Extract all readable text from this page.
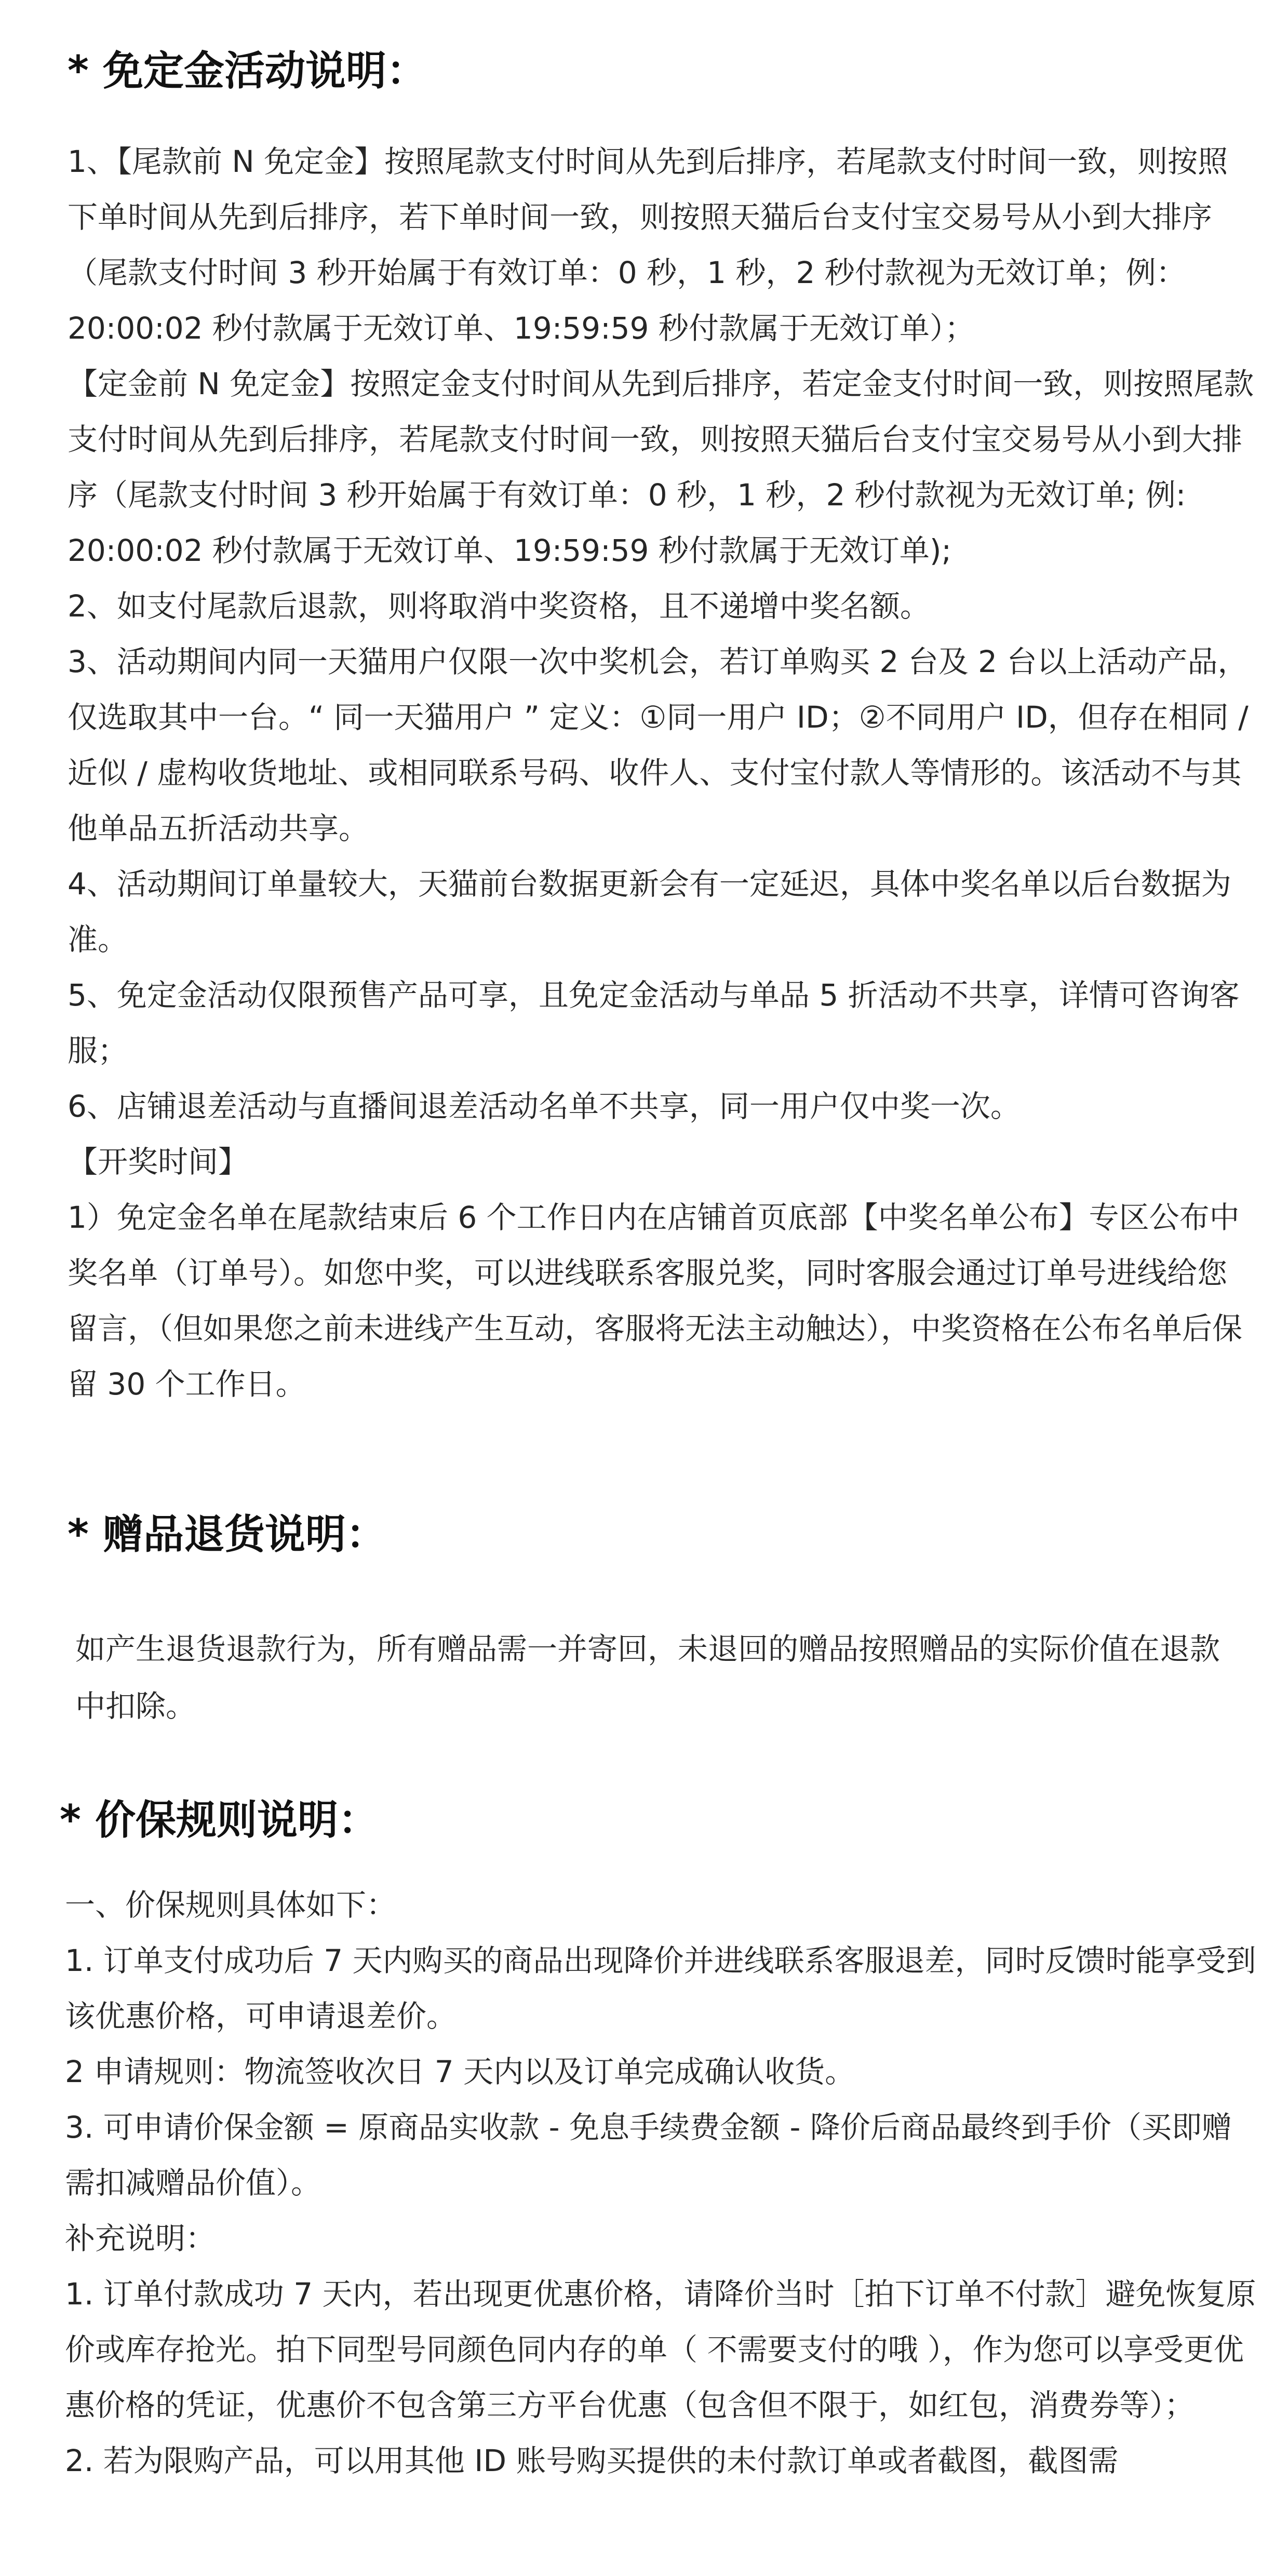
* 免定金活动说明：

1、【尾款前 N 免定金】按照尾款支付时间从先到后排序，若尾款支付时间一致，则按照下单时间从先到后排序，若下单时间一致，则按照天猫后台支付宝交易号从小到大排序（尾款支付时间 3 秒开始属于有效订单：0 秒，1 秒，2 秒付款视为无效订单；例：20:00:02 秒付款属于无效订单、19:59:59 秒付款属于无效订单）；

【定金前 N 免定金】按照定金支付时间从先到后排序，若定金支付时间一致，则按照尾款支付时间从先到后排序，若尾款支付时间一致，则按照天猫后台支付宝交易号从小到大排序（尾款支付时间 3 秒开始属于有效订单：0 秒，1 秒，2 秒付款视为无效订单; 例: 20:00:02 秒付款属于无效订单、19:59:59 秒付款属于无效订单);

2、如支付尾款后退款，则将取消中奖资格，且不递增中奖名额。

3、活动期间内同一天猫用户仅限一次中奖机会，若订单购买 2 台及 2 台以上活动产品，仅选取其中一台。“ 同一天猫用户 ” 定义：①同一用户 ID；②不同用户 ID，但存在相同 / 近似 / 虚构收货地址、或相同联系号码、收件人、支付宝付款人等情形的。该活动不与其他单品五折活动共享。

4、活动期间订单量较大，天猫前台数据更新会有一定延迟，具体中奖名单以后台数据为准。

5、免定金活动仅限预售产品可享，且免定金活动与单品 5 折活动不共享，详情可咨询客服；

6、店铺退差活动与直播间退差活动名单不共享，同一用户仅中奖一次。

【开奖时间】

1）免定金名单在尾款结束后 6 个工作日内在店铺首页底部【中奖名单公布】专区公布中奖名单（订单号）。如您中奖，可以进线联系客服兑奖，同时客服会通过订单号进线给您留言，（但如果您之前未进线产生互动，客服将无法主动触达），中奖资格在公布名单后保留 30 个工作日。

* 赠品退货说明：

如产生退货退款行为，所有赠品需一并寄回，未退回的赠品按照赠品的实际价值在退款中扣除。

* 价保规则说明：

一、价保规则具体如下：

1. 订单支付成功后 7 天内购买的商品出现降价并进线联系客服退差，同时反馈时能享受到该优惠价格，可申请退差价。

2 申请规则：物流签收次日 7 天内以及订单完成确认收货。

3. 可申请价保金额 = 原商品实收款 - 免息手续费金额 - 降价后商品最终到手价（买即赠需扣减赠品价值）。

补充说明：

1. 订单付款成功 7 天内，若出现更优惠价格，请降价当时［拍下订单不付款］避免恢复原价或库存抢光。拍下同型号同颜色同内存的单（ 不需要支付的哦 ），作为您可以享受更优惠价格的凭证，优惠价不包含第三方平台优惠（包含但不限于，如红包，消费券等）；

2. 若为限购产品，可以用其他 ID 账号购买提供的未付款订单或者截图，截图需
